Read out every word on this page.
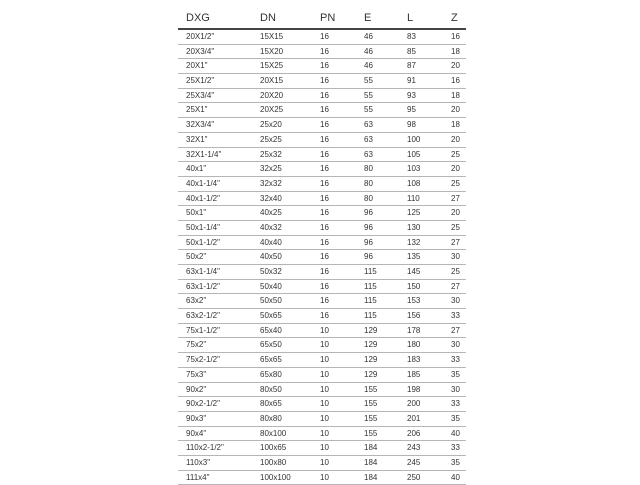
DXG	DN	PN	E	L	Z
20X1/2"	15X15	16	46	83	16
20X3/4"	15X20	16	46	85	18
20X1"	15X25	16	46	87	20
25X1/2"	20X15	16	55	91	16
25X3/4"	20X20	16	55	93	18
25X1"	20X25	16	55	95	20
32X3/4"	25x20	16	63	98	18
32X1"	25x25	16	63	100	20
32X1-1/4"	25x32	16	63	105	25
40x1"	32x25	16	80	103	20
40x1-1/4"	32x32	16	80	108	25
40x1-1/2"	32x40	16	80	110	27
50x1"	40x25	16	96	125	20
50x1-1/4"	40x32	16	96	130	25
50x1-1/2"	40x40	16	96	132	27
50x2"	40x50	16	96	135	30
63x1-1/4"	50x32	16	115	145	25
63x1-1/2"	50x40	16	115	150	27
63x2"	50x50	16	115	153	30
63x2-1/2"	50x65	16	115	156	33
75x1-1/2"	65x40	10	129	178	27
75x2"	65x50	10	129	180	30
75x2-1/2"	65x65	10	129	183	33
75x3"	65x80	10	129	185	35
90x2"	80x50	10	155	198	30
90x2-1/2"	80x65	10	155	200	33
90x3"	80x80	10	155	201	35
90x4"	80x100	10	155	206	40
110x2-1/2"	100x65	10	184	243	33
110x3"	100x80	10	184	245	35
111x4"	100x100	10	184	250	40
